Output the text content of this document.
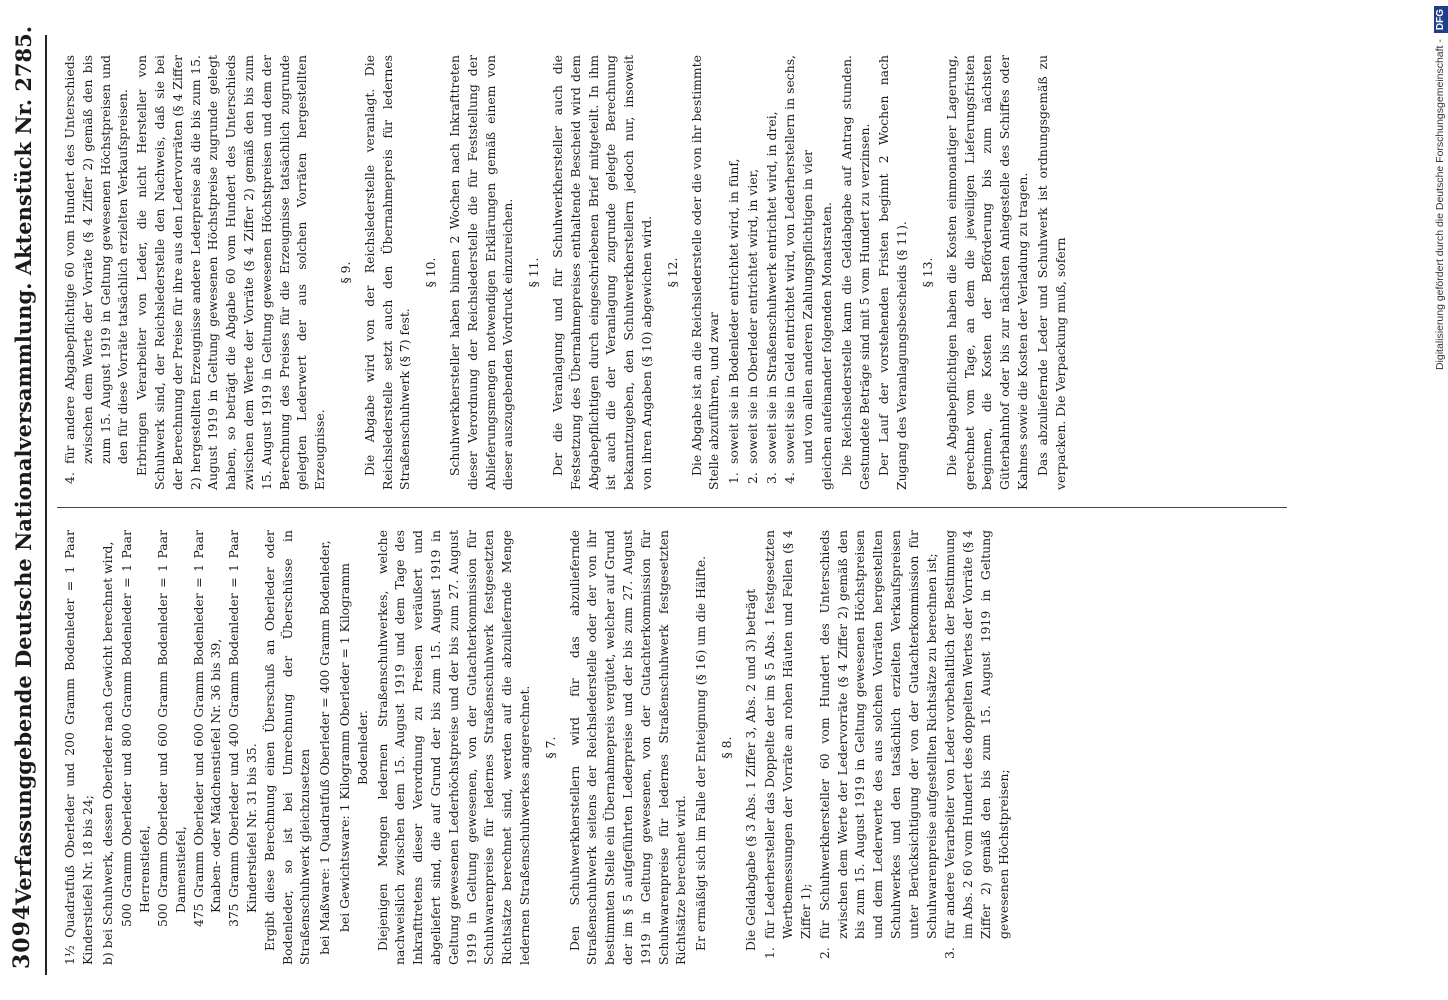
3094
Verfassunggebende Deutsche Nationalversammlung. Aktenstück Nr. 2785. 1½ Quadratfuß Oberleder und 200 Gramm Bodenleder = 1 Paar Kinderstiefel Nr. 18 bis 24; b) bei Schuhwerk, dessen Oberleder nach Gewicht berechnet wird, 500 Gramm Oberleder und 800 Gramm Bodenleder = 1 Paar Herrenstiefel, 500 Gramm Oberleder und 600 Gramm Bodenleder = 1 Paar Damenstiefel, 475 Gramm Oberleder und 600 Gramm Bodenleder = 1 Paar Knaben- oder Mädchenstiefel Nr. 36 bis 39, 375 Gramm Oberleder und 400 Gramm Bodenleder = 1 Paar Kinderstiefel Nr. 31 bis 35. Ergibt diese Berechnung einen Überschuß an Oberleder oder Bodenleder, so ist bei Umrechnung der Überschüsse in Straßenschuhwerk gleichzusetzen bei Maßware: 1 Quadratfuß Oberleder = 400 Gramm Bodenleder, bei Gewichtsware: 1 Kilogramm Oberleder = 1 Kilogramm Bodenleder. Diejenigen Mengen ledernen Straßenschuhwerkes, welche nachweislich zwischen dem 15. August 1919 und dem Tage des Inkrafttretens dieser Verordnung zu Preisen veräußert und abgeliefert sind, die auf Grund der bis zum 15. August 1919 in Geltung gewesenen Lederhöchstpreise und der bis zum 27. August 1919 in Geltung gewesenen, von der Gutachterkommission für Schuhwarenpreise für ledernes Straßenschuhwerk festgesetzten Richtsätze berechnet sind, werden auf die abzuliefernde Menge ledernen Straßenschuhwerkes angerechnet. § 7. Den Schuhwerkherstellern wird für das abzuliefernde Straßenschuhwerk seitens der Reichslederstelle oder der von ihr bestimmten Stelle ein Übernahmepreis vergütet, welcher auf Grund der im § 5 aufgeführten Lederpreise und der bis zum 27. August 1919 in Geltung gewesenen, von der Gutachterkommission für Schuhwarenpreise für ledernes Straßenschuhwerk festgesetzten Richtsätze berechnet wird. Er ermäßigt sich im Falle der Enteignung (§ 16) um die Hälfte. § 8. Die Geldabgabe (§ 3 Abs. 1 Ziffer 3, Abs. 2 und 3) beträgt

1.
für Lederhersteller das Doppelte der im § 5 Abs. 1 festgesetzten Wertbemessungen der Vorräte an rohen Häuten und Fellen (§ 4 Ziffer 1);

2.
für Schuhwerkhersteller 60 vom Hundert des Unterschieds zwischen dem Werte der Ledervorräte (§ 4 Ziffer 2) gemäß den bis zum 15. August 1919 in Geltung gewesenen Höchstpreisen und dem Lederwerte des aus solchen Vorräten hergestellten Schuhwerkes und den tatsächlich erzielten Verkaufspreisen unter Berücksichtigung der von der Gutachterkommission für Schuhwarenpreise aufgestellten Richtsätze zu berechnen ist;

3.
für andere Verarbeiter von Leder vorbehaltlich der Bestimmung im Abs. 2 60 vom Hundert des doppelten Wertes der Vorräte (§ 4 Ziffer 2) gemäß den bis zum 15. August 1919 in Geltung gewesenen Höchstpreisen;

4.
für andere Abgabepflichtige 60 vom Hundert des Unterschieds zwischen dem Werte der Vorräte (§ 4 Ziffer 2) gemäß den bis zum 15. August 1919 in Geltung gewesenen Höchstpreisen und den für diese Vorräte tatsächlich erzielten Verkaufspreisen. Erbringen Verarbeiter von Leder, die nicht Hersteller von Schuhwerk sind, der Reichslederstelle den Nachweis, daß sie bei der Berechnung der Preise für ihre aus den Ledervorräten (§ 4 Ziffer 2) hergestellten Erzeugnisse andere Lederpreise als die bis zum 15. August 1919 in Geltung gewesenen Höchstpreise zugrunde gelegt haben, so beträgt die Abgabe 60 vom Hundert des Unterschieds zwischen dem Werte der Vorräte (§ 4 Ziffer 2) gemäß den bis zum 15. August 1919 in Geltung gewesenen Höchstpreisen und dem der Berechnung des Preises für die Erzeugnisse tatsächlich zugrunde gelegten Lederwert der aus solchen Vorräten hergestellten Erzeugnisse.

§ 9. Die Abgabe wird von der Reichslederstelle veranlagt. Die Reichslederstelle setzt auch den Übernahmepreis für ledernes Straßenschuhwerk (§ 7) fest.

§ 10. Schuhwerkhersteller haben binnen 2 Wochen nach Inkrafttreten dieser Verordnung der Reichslederstelle die für Feststellung der Ablieferungsmengen notwendigen Erklärungen gemäß einem von dieser auszugebenden Vordruck einzureichen. § 11. Der die Veranlagung und für Schuhwerkhersteller auch die Festsetzung des Übernahmepreises enthaltende Bescheid wird dem Abgabepflichtigen durch eingeschriebenen Brief mitgeteilt. In ihm ist auch die der Veranlagung zugrunde gelegte Berechnung bekanntzugeben, den Schuhwerkherstellern jedoch nur, insoweit von ihren Angaben (§ 10) abgewichen wird. § 12. Die Abgabe ist an die Reichslederstelle oder die von ihr bestimmte Stelle abzuführen, und zwar 1.
soweit sie in Bodenleder entrichtet wird, in fünf,

2.
soweit sie in Oberleder entrichtet wird, in vier,

3.
soweit sie in Straßenschuhwerk entrichtet wird, in drei,

4.
soweit sie in Geld entrichtet wird, von Lederherstellern in sechs, und von allen anderen Zahlungspflichtigen in vier gleichen aufeinander folgenden Monatsraten. Die Reichslederstelle kann die Geldabgabe auf Antrag stunden. Gestundete Beträge sind mit 5 vom Hundert zu verzinsen. Der Lauf der vorstehenden Fristen beginnt 2 Wochen nach Zugang des Veranlagungsbescheids (§ 11). § 13. Die Abgabepflichtigen haben die Kosten einmonatiger Lagerung, gerechnet vom Tage, an dem die jeweiligen Lieferungsfristen beginnen, die Kosten der Beförderung bis zum nächsten Güterbahnhof oder bis zur nächsten Anlegestelle des Schiffes oder Kahnes sowie die Kosten der Verladung zu tragen. Das abzuliefernde Leder und Schuhwerk ist ordnungsgemäß zu verpacken. Die Verpackung muß, sofern	Digitalisierung gefördert durch die Deutsche Forschungsgemeinschaft -DFG
